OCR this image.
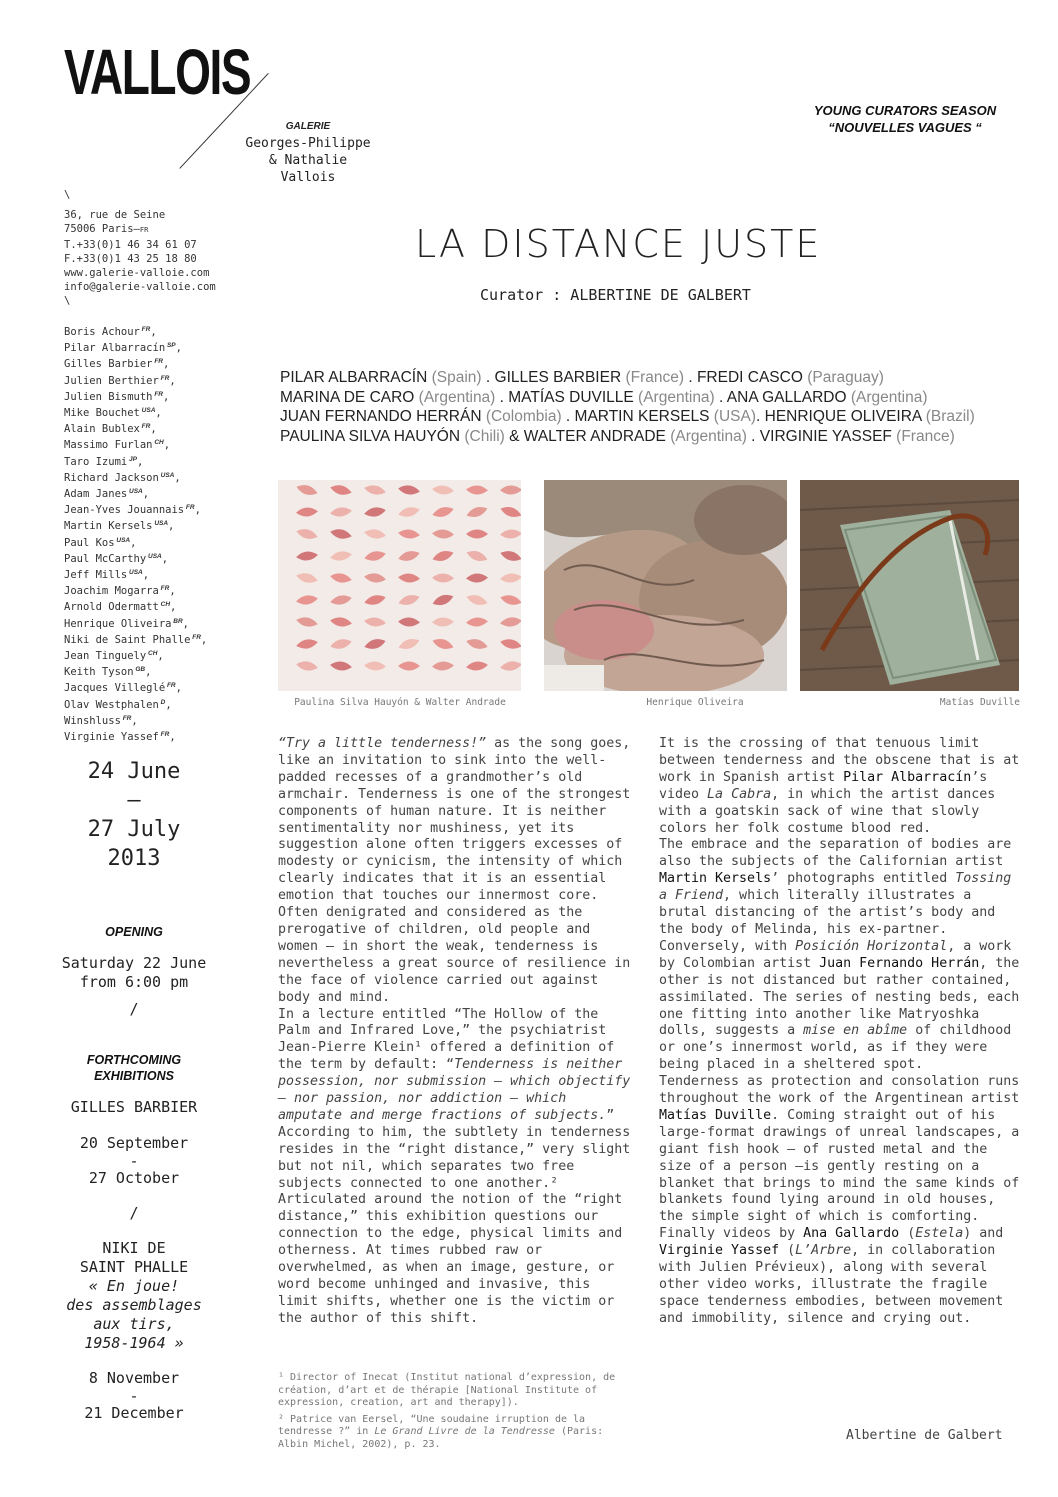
VALLOIS
GALERIE
Georges-Philippe
& Nathalie
Vallois
YOUNG CURATORS SEASON
“NOUVELLES VAGUES “
\
36, rue de Seine
75006 Paris—FR
T.+33(0)1 46 34 61 07
F.+33(0)1 43 25 18 80
www.galerie-valloie.com
info@galerie-valloie.com
\
Boris Achour $^{FR}$,
Pilar Albarracín $^{SP}$,
Gilles Barbier $^{FR}$,
Julien Berthier $^{FR}$,
Julien Bismuth $^{FR}$,
Mike Bouchet $^{USA}$,
Alain Bublex $^{FR}$,
Massimo Furlan $^{CH}$,
Taro Izumi $^{JP}$,
Richard Jackson $^{USA}$,
Adam Janes $^{USA}$,
Jean-Yves Jouannais $^{FR}$,
Martin Kersels $^{USA}$,
Paul Kos $^{USA}$,
Paul McCarthy $^{USA}$,
Jeff Mills $^{USA}$,
Joachim Mogarra $^{FR}$,
Arnold Odermatt $^{CH}$,
Henrique Oliveira $^{BR}$,
Niki de Saint Phalle $^{FR}$,
Jean Tinguely $^{CH}$,
Keith Tyson $^{GB}$,
Jacques Villeglé $^{FR}$,
Olav Westphalen $^D$,
Winshluss $^{FR}$,
Virginie Yassef $^{FR}$,
LA DISTANCE JUSTE
Curator : ALBERTINE DE GALBERT
PILAR ALBARRACÍN (Spain) . GILLES BARBIER (France) . FREDI CASCO (Paraguay)
MARINA DE CARO (Argentina) . MATÍAS DUVILLE (Argentina) . ANA GALLARDO (Argentina)
JUAN FERNANDO HERRÁN (Colombia) . MARTIN KERSELS (USA). HENRIQUE OLIVEIRA (Brazil)
PAULINA SILVA HAUYÓN (Chili) & WALTER ANDRADE (Argentina) . VIRGINIE YASSEF (France)
Paulina Silva Hauyón & Walter Andrade	Henrique Oliveira	Matías Duville
24 June
—
27 July
2013
OPENING
Saturday 22 June
from 6:00 pm
/
FORTHCOMING
EXHIBITIONS
GILLES BARBIER
20 September
-
27 October
/
NIKI DE
SAINT PHALLE
« En joue!
des assemblages
aux tirs,
1958-1964 »
8 November
-
21 December

“Try a little tenderness!” as the song goes, like an invitation to sink into the well-padded recesses of a grandmother’s old armchair. Tenderness is one of the strongest components of human nature. It is neither sentimentality nor mushiness, yet its suggestion alone often triggers excesses of modesty or cynicism, the intensity of which clearly indicates that it is an essential emotion that touches our innermost core. Often denigrated and considered as the prerogative of children, old people and women – in short the weak, tenderness is nevertheless a great source of resilience in the face of violence carried out against body and mind.

In a lecture entitled “The Hollow of the Palm and Infrared Love,” the psychiatrist Jean-Pierre Klein¹ offered a definition of the term by default: “Tenderness is neither possession, nor submission – which objectify – nor passion, nor addiction – which amputate and merge fractions of subjects.” According to him, the subtlety in tenderness resides in the “right distance,” very slight but not nil, which separates two free subjects connected to one another.²

Articulated around the notion of the “right distance,” this exhibition questions our connection to the edge, physical limits and otherness. At times rubbed raw or overwhelmed, as when an image, gesture, or word become unhinged and invasive, this limit shifts, whether one is the victim or the author of this shift.

It is the crossing of that tenuous limit between tenderness and the obscene that is at work in Spanish artist Pilar Albarracín’s video La Cabra, in which the artist dances with a goatskin sack of wine that slowly colors her folk costume blood red.

The embrace and the separation of bodies are also the subjects of the Californian artist Martin Kersels’ photographs entitled Tossing a Friend, which literally illustrates a brutal distancing of the artist’s body and the body of Melinda, his ex-partner. Conversely, with Posición Horizontal, a work by Colombian artist Juan Fernando Herrán, the other is not distanced but rather contained, assimilated. The series of nesting beds, each one fitting into another like Matryoshka dolls, suggests a mise en abîme of childhood or one’s innermost world, as if they were being placed in a sheltered spot.

Tenderness as protection and consolation runs throughout the work of the Argentinean artist Matías Duville. Coming straight out of his large-format drawings of unreal landscapes, a giant fish hook – of rusted metal and the size of a person –is gently resting on a blanket that brings to mind the same kinds of blankets found lying around in old houses, the simple sight of which is comforting.

Finally videos by Ana Gallardo (Estela) and Virginie Yassef (L’Arbre, in collaboration with Julien Prévieux), along with several other video works, illustrate the fragile space tenderness embodies, between movement and immobility, silence and crying out.

¹ Director of Inecat (Institut national d’expression, de création, d’art et de thérapie [National Institute of expression, creation, art and therapy]).

² Patrice van Eersel, “Une soudaine irruption de la tendresse ?” in Le Grand Livre de la Tendresse (Paris: Albin Michel, 2002), p. 23.

Albertine de Galbert
